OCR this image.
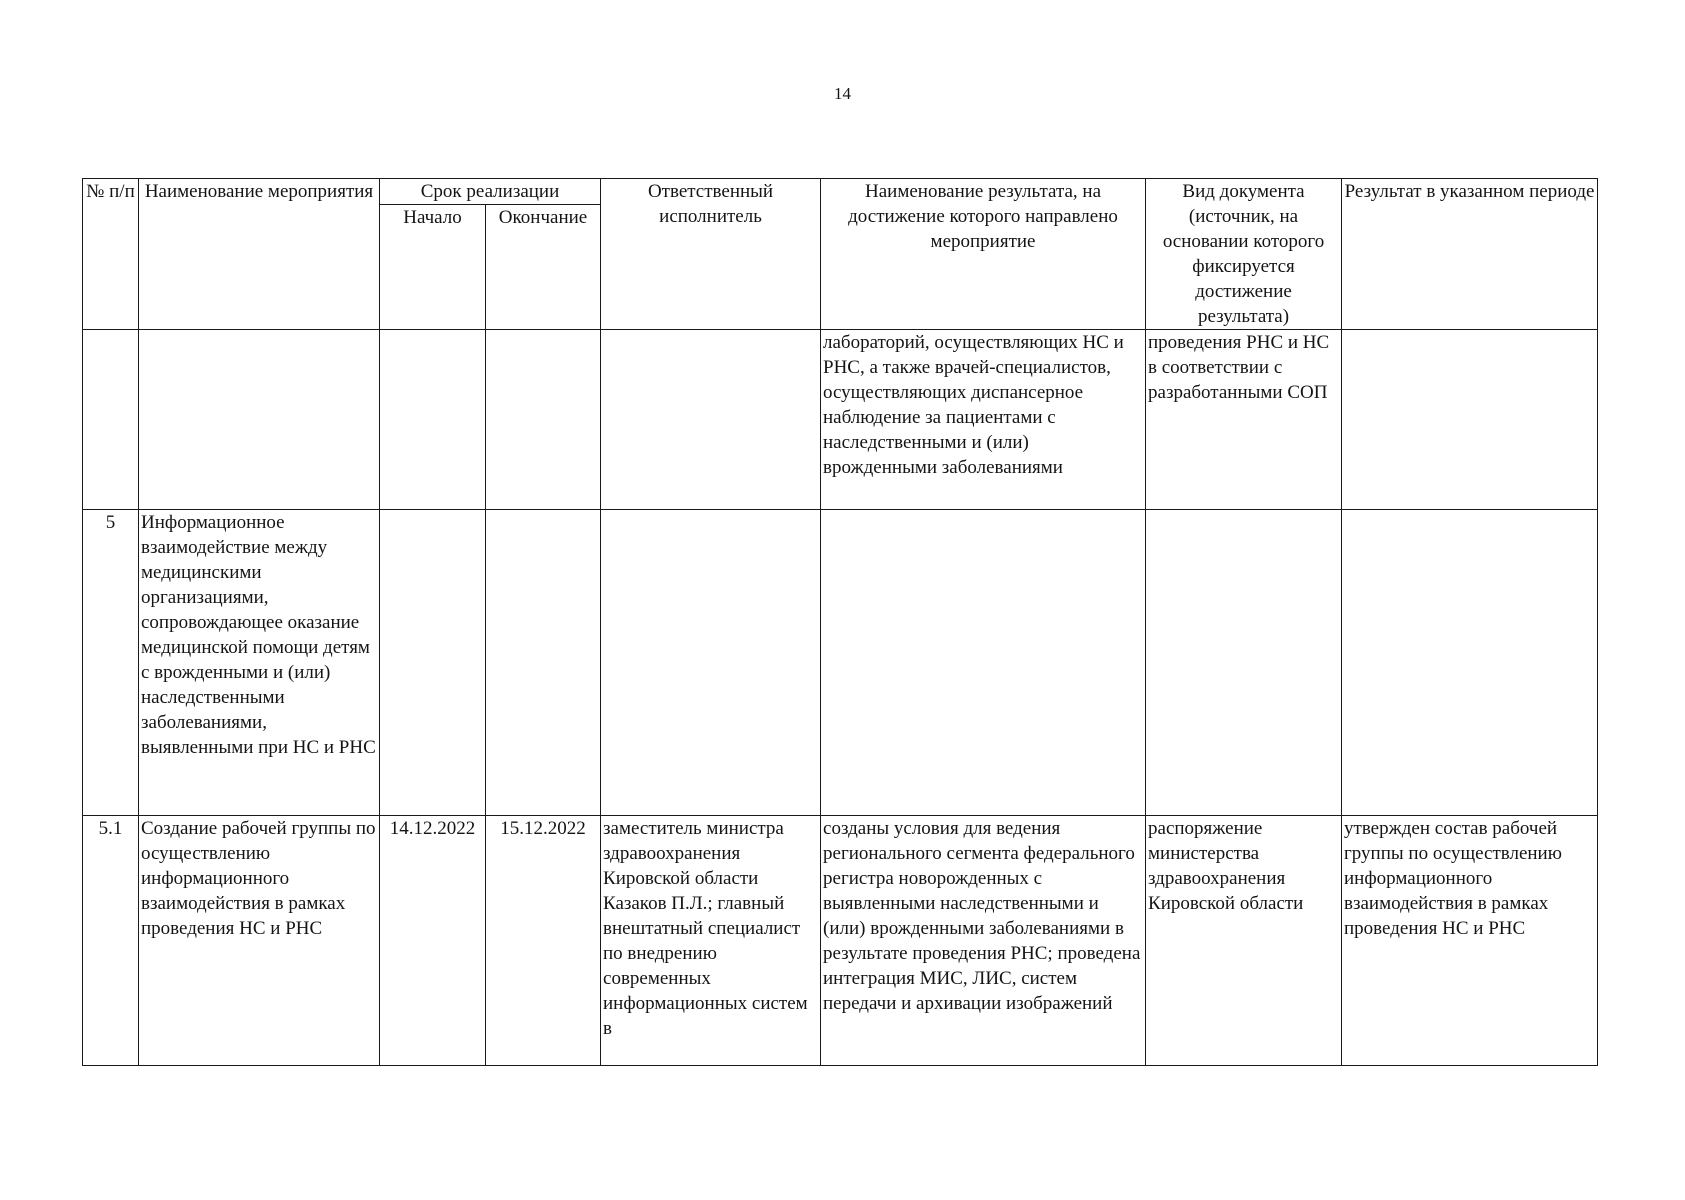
14
№ п/п	Наименование мероприятия	Срок реализации		Ответственный исполнитель	Наименование результата, на достижение которого направлено мероприятие	Вид документа (источник, на основании которого фиксируется достижение результата)	Результат в указанном периоде
		Начало	Окончание				
					лабораторий, осуществляющих НС и РНС, а также врачей-специалистов, осуществляющих диспансерное наблюдение за пациентами с наследственными и (или) врожденными заболеваниями	проведения РНС и НС в соответствии с разработанными СОП	
5	Информационное взаимодействие между медицинскими организациями, сопровождающее оказание медицинской помощи детям с врожденными и (или) наследственными заболеваниями, выявленными при НС и РНС						
5.1	Создание рабочей группы по осуществлению информационного взаимодействия в рамках проведения НС и РНС	14.12.2022	15.12.2022	заместитель министра здравоохранения Кировской области Казаков П.Л.; главный внештатный специалист по внедрению современных информационных систем в	созданы условия для ведения регионального сегмента федерального регистра новорожденных с выявленными наследственными и (или) врожденными заболеваниями в результате проведения РНС; проведена интеграция МИС, ЛИС, систем передачи и архивации изображений	распоряжение министерства здравоохранения Кировской области	утвержден состав рабочей группы по осуществлению информационного взаимодействия в рамках проведения НС и РНС
